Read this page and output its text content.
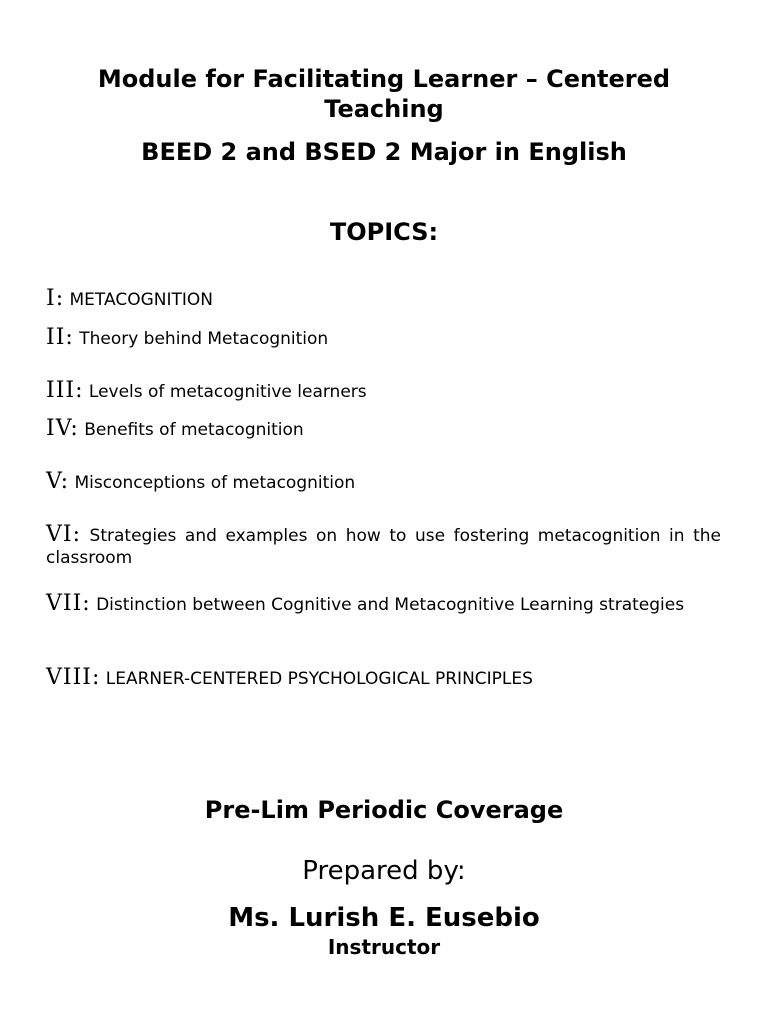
Module for Facilitating Learner – Centered
Teaching
BEED 2 and BSED 2 Major in English
TOPICS:
I: METACOGNITION
II: Theory behind Metacognition
III: Levels of metacognitive learners
IV: Benefits of metacognition
V: Misconceptions of metacognition
VI: Strategies and examples on how to use fostering metacognition in the classroom
VII: Distinction between Cognitive and Metacognitive Learning strategies
VIII: LEARNER-CENTERED PSYCHOLOGICAL PRINCIPLES
Pre-Lim Periodic Coverage
Prepared by:
Ms. Lurish E. Eusebio
Instructor
